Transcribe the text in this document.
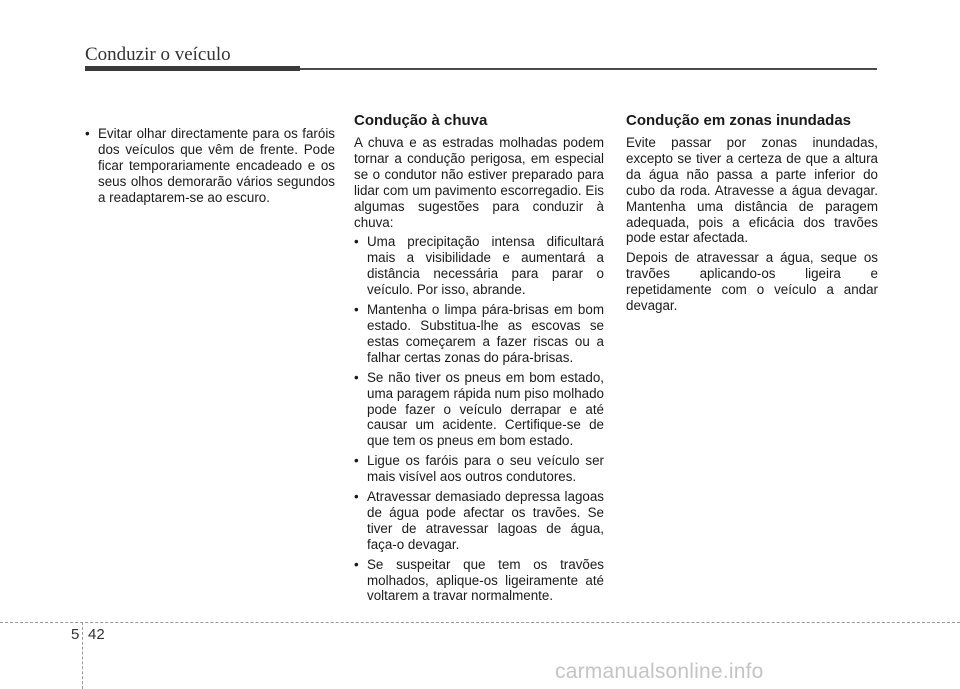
Conduzir o veículo
• Evitar olhar directamente para os faróis dos veículos que vêm de frente. Pode ficar temporariamente encadeado e os seus olhos demorarão vários segundos a readaptarem-se ao escuro.
Condução à chuva

A chuva e as estradas molhadas podem tornar a condução perigosa, em especial se o condutor não estiver preparado para lidar com um pavimento escorregadio. Eis algumas sugestões para conduzir à chuva:

• Uma precipitação intensa dificultará mais a visibilidade e aumentará a distância necessária para parar o veículo. Por isso, abrande.
• Mantenha o limpa pára-brisas em bom estado. Substitua-lhe as escovas se estas começarem a fazer riscas ou a falhar certas zonas do pára-brisas.
• Se não tiver os pneus em bom estado, uma paragem rápida num piso molhado pode fazer o veículo derrapar e até causar um acidente. Certifique-se de que tem os pneus em bom estado.
• Ligue os faróis para o seu veículo ser mais visível aos outros condutores.
• Atravessar demasiado depressa lagoas de água pode afectar os travões. Se tiver de atravessar lagoas de água, faça-o devagar.
• Se suspeitar que tem os travões molhados, aplique-os ligeiramente até voltarem a travar normalmente.
Condução em zonas inundadas

Evite passar por zonas inundadas, excepto se tiver a certeza de que a altura da água não passa a parte inferior do cubo da roda. Atravesse a água devagar. Mantenha uma distância de paragem adequada, pois a eficácia dos travões pode estar afectada.

Depois de atravessar a água, seque os travões aplicando-os ligeira e repetidamente com o veículo a andar devagar.

5 42
carmanualsonline.info
